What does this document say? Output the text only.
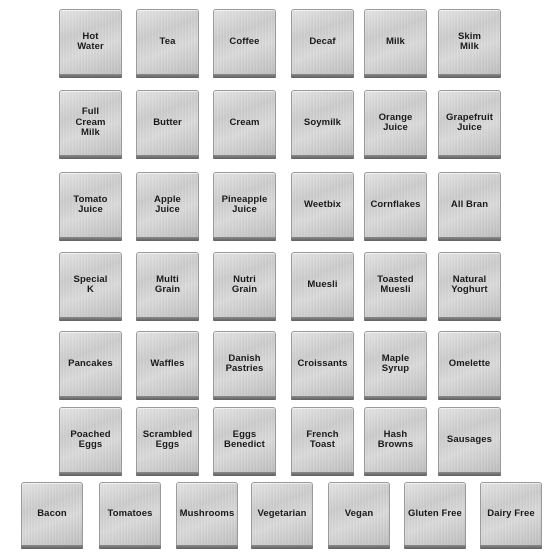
Hot
Water	Tea	Coffee	Decaf	Milk	Skim
Milk
Full
Cream
Milk
Butter	Cream	Soymilk	Orange
Juice
Grapefruit
Juice
Tomato
Juice
Apple
Juice
Pineapple
Juice	Weetbix	Cornflakes	All Bran
Special
K
Multi
Grain
Nutri
Grain	Muesli	Toasted
Muesli
Natural
Yoghurt
Pancakes	Waffles	Danish
Pastries	Croissants	Maple
Syrup	Omelette
Poached
Eggs
Scrambled
Eggs
Eggs
Benedict
French
Toast
Hash
Browns	Sausages
Bacon	Tomatoes	Mushrooms Vegetarian	Vegan	Gluten Free	Dairy Free
